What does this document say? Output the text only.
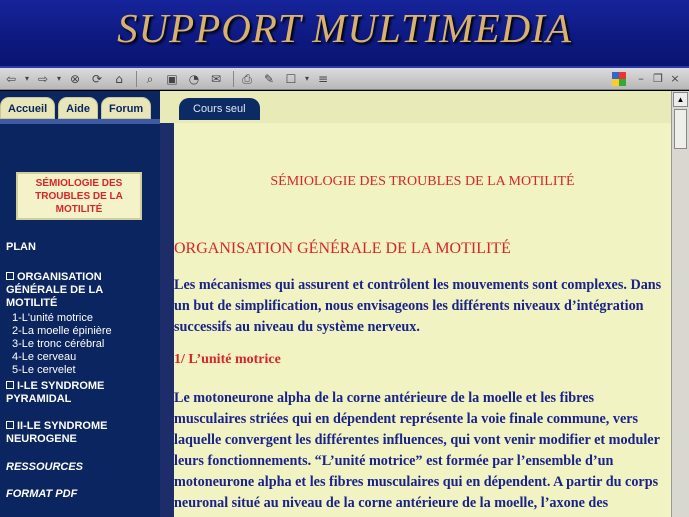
SUPPORT MULTIMEDIA
⇦	▾ ⇨	▾ ⊗ ⟳	⌂	⌕	▣ ◔ ✉	⎙	✎ ☐	▾ ≡	– ❐ ×
Accueil	Aide	Forum
SÉMIOLOGIE DES TROUBLES DE LA MOTILITÉ
PLAN
ORGANISATION GÉNÉRALE DE LA MOTILITÉ
1-L'unité motrice
2-La moelle épinière
3-Le tronc cérébral
4-Le cerveau
5-Le cervelet
I-LE SYNDROME PYRAMIDAL
II-LE SYNDROME NEUROGENE
RESSOURCES
FORMAT PDF
Cours seul
SÉMIOLOGIE DES TROUBLES DE LA MOTILITÉ
ORGANISATION GÉNÉRALE DE LA MOTILITÉ
Les mécanismes qui assurent et contrôlent les mouvements sont complexes. Dans un but de simplification, nous envisageons les différents niveaux d’intégration successifs au niveau du système nerveux.
1/ L’unité motrice
Le motoneurone alpha de la corne antérieure de la moelle et les fibres musculaires striées qui en dépendent représente la voie finale commune, vers laquelle convergent les différentes influences, qui vont venir modifier et moduler leurs fonctionnements. “L’unité motrice” est formée par l’ensemble d’un motoneurone alpha et les fibres musculaires qui en dépendent. A partir du corps neuronal situé au niveau de la corne antérieure de la moelle, l’axone des
▲
